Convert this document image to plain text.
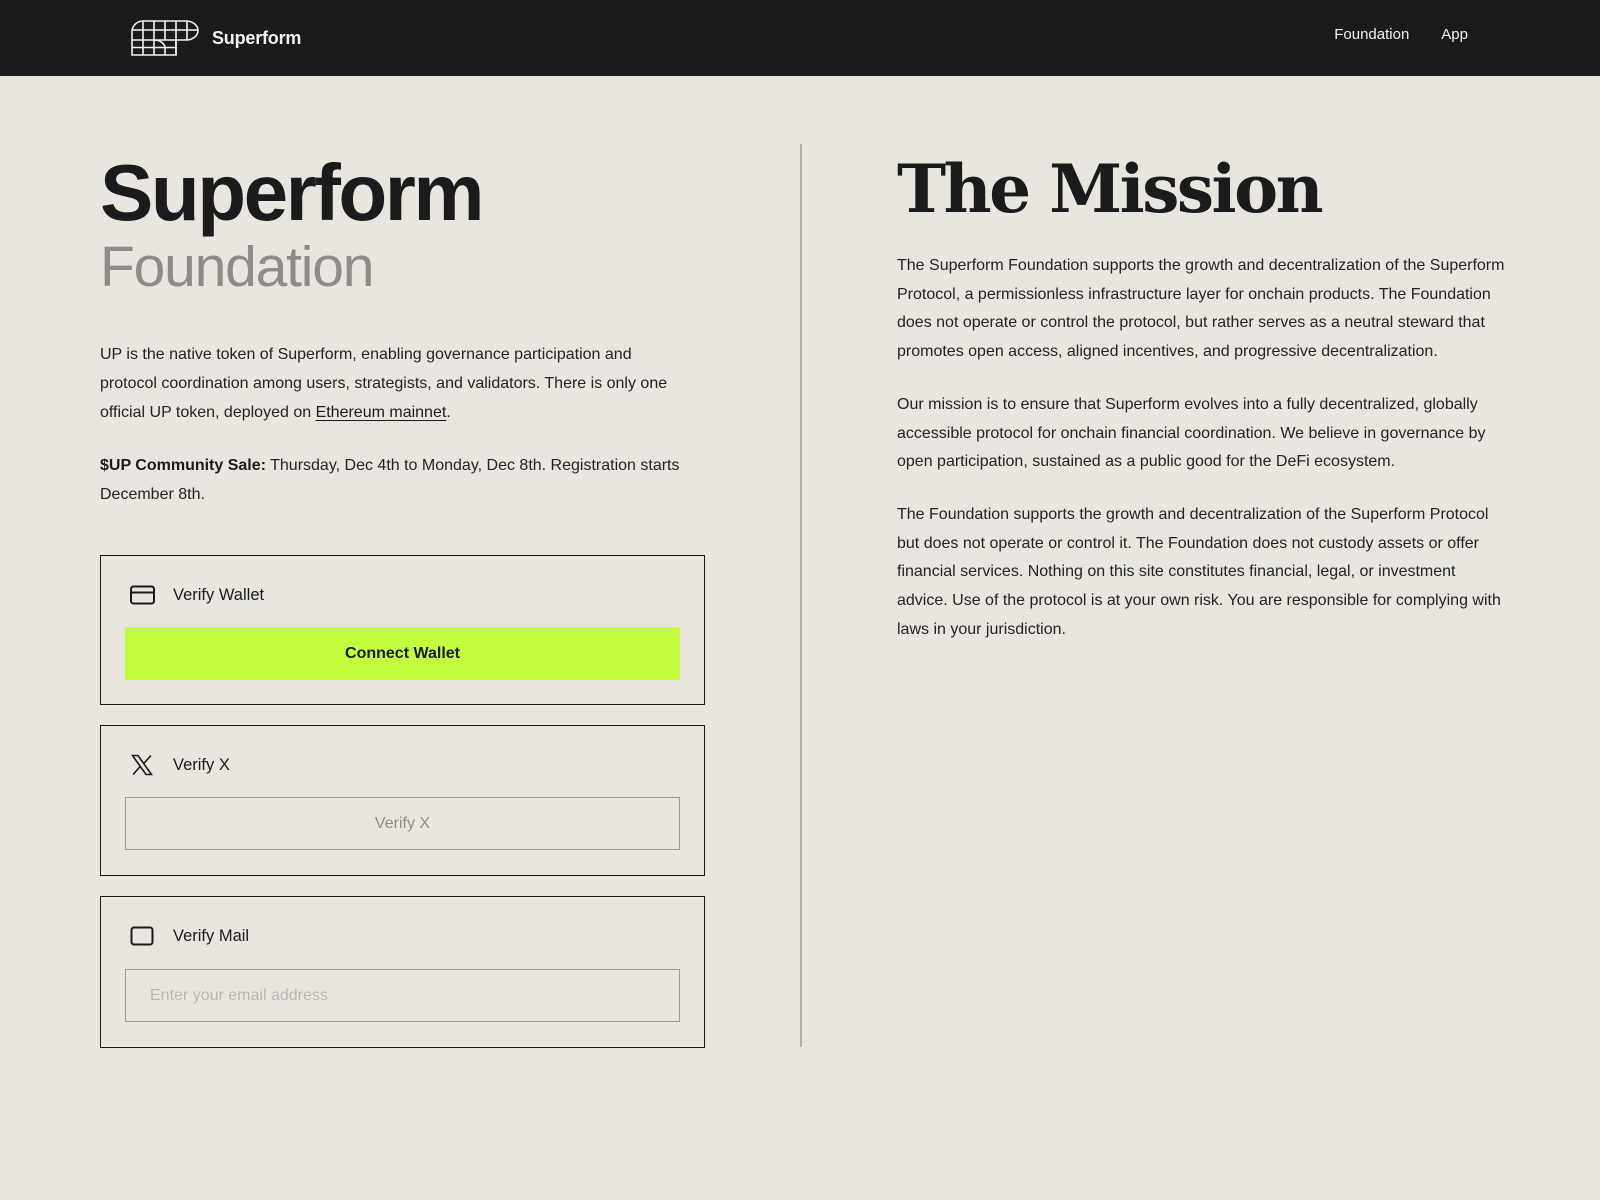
Superform	Foundation App
Superform
Foundation

UP is the native token of Superform, enabling governance participation and protocol coordination among users, strategists, and validators. There is only one official UP token, deployed on Ethereum mainnet.

$UP Community Sale: Thursday, Dec 4th to Monday, Dec 8th. Registration starts December 8th.

Verify Wallet
Connect Wallet
Verify X
Verify X
Verify Mail
Enter your email address
The Mission

The Superform Foundation supports the growth and decentralization of the Superform Protocol, a permissionless infrastructure layer for onchain products. The Foundation does not operate or control the protocol, but rather serves as a neutral steward that promotes open access, aligned incentives, and progressive decentralization.

Our mission is to ensure that Superform evolves into a fully decentralized, globally accessible protocol for onchain financial coordination. We believe in governance by open participation, sustained as a public good for the DeFi ecosystem.

The Foundation supports the growth and decentralization of the Superform Protocol but does not operate or control it. The Foundation does not custody assets or offer financial services. Nothing on this site constitutes financial, legal, or investment advice. Use of the protocol is at your own risk. You are responsible for complying with laws in your jurisdiction.
